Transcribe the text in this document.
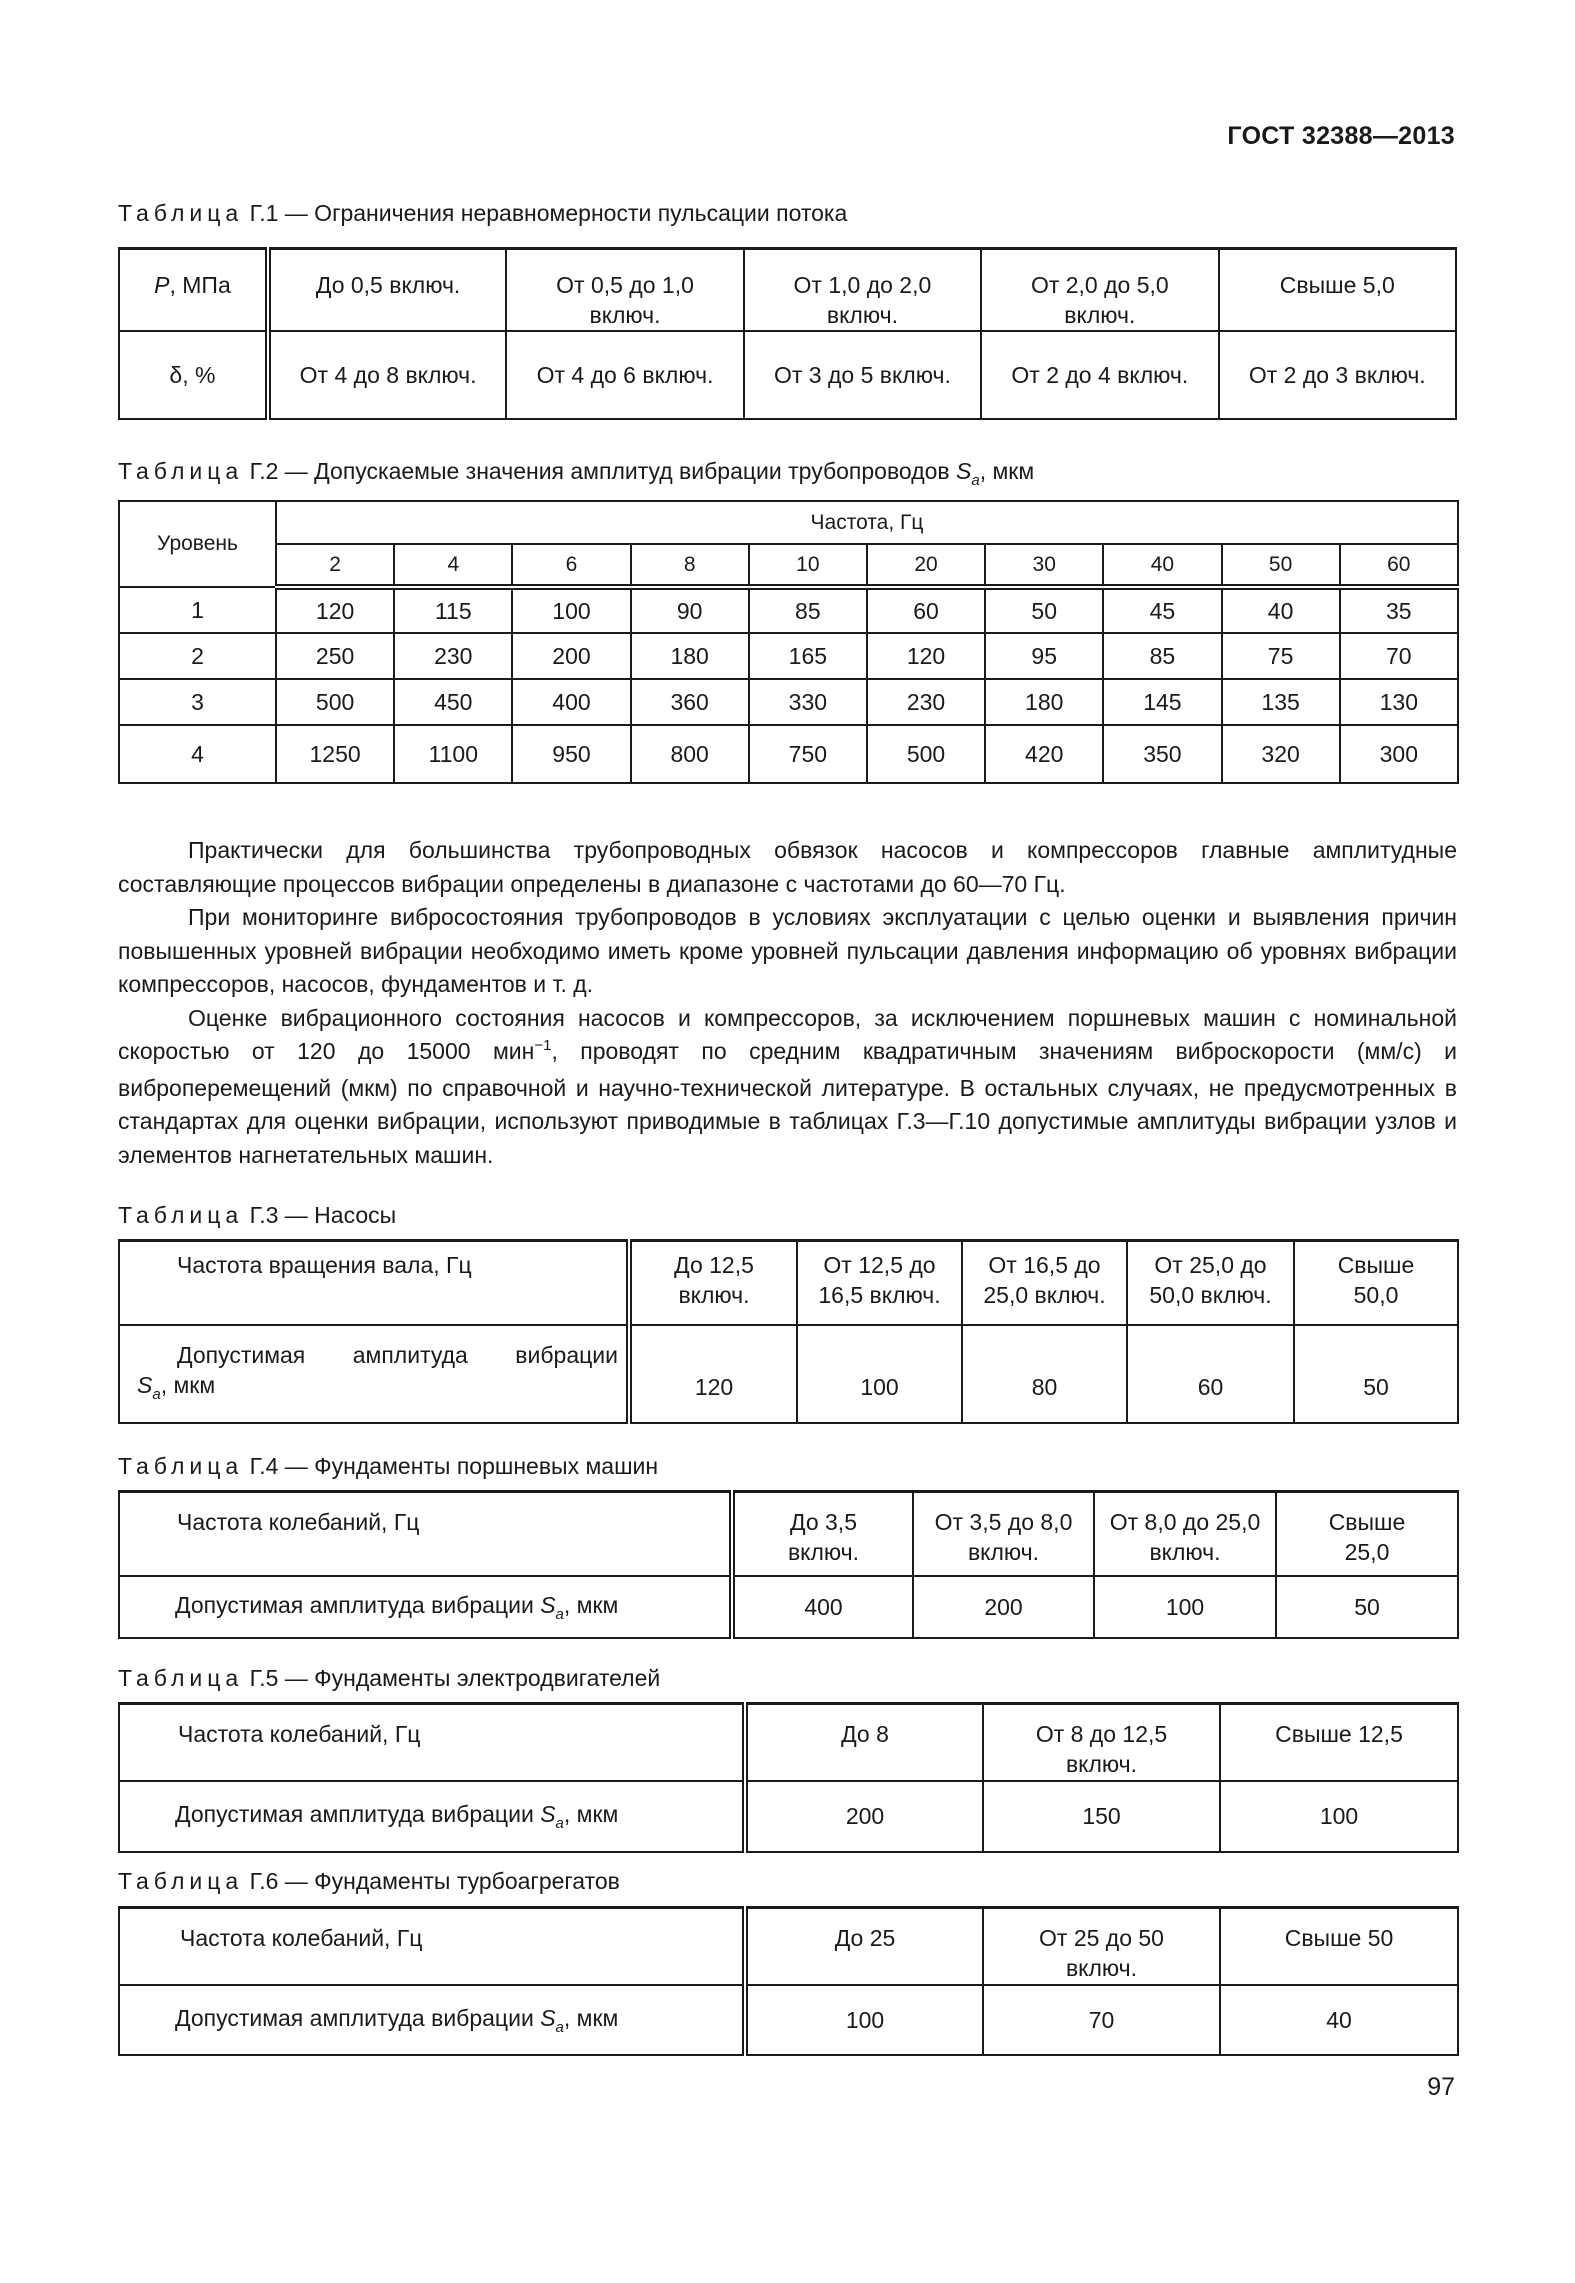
ГОСТ 32388—2013
Таблица Г.1 — Ограничения неравномерности пульсации потока
P, МПа	До 0,5 включ.	От 0,5 до 1,0 включ.	От 1,0 до 2,0 включ.	От 2,0 до 5,0 включ.	Свыше 5,0
δ, %	От 4 до 8 включ.	От 4 до 6 включ.	От 3 до 5 включ.	От 2 до 4 включ.	От 2 до 3 включ.
Таблица Г.2 — Допускаемые значения амплитуд вибрации трубопроводов $S_a$, мкм
Уровень	Частота, Гц									
	2	4	6	8	10	20	30	40	50	60
1	120	115	100	90	85	60	50	45	40	35
2	250	230	200	180	165	120	95	85	75	70
3	500	450	400	360	330	230	180	145	135	130
4	1250	1100	950	800	750	500	420	350	320	300

Практически для большинства трубопроводных обвязок насосов и компрессоров главные амплитудные составляющие процессов вибрации определены в диапазоне с частотами до 60—70 Гц.

При мониторинге вибросостояния трубопроводов в условиях эксплуатации с целью оценки и выявления причин повышенных уровней вибрации необходимо иметь кроме уровней пульсации давления информацию об уровнях вибрации компрессоров, насосов, фундаментов и т. д.

Оценке вибрационного состояния насосов и компрессоров, за исключением поршневых машин с номинальной скоростью от 120 до 15000 мин$^{-1}$, проводят по средним квадратичным значениям виброскорости (мм/с) и виброперемещений (мкм) по справочной и научно-технической литературе. В остальных случаях, не предусмотренных в стандартах для оценки вибрации, используют приводимые в таблицах Г.3—Г.10 допустимые амплитуды вибрации узлов и элементов нагнетательных машин.

Таблица Г.3 — Насосы
Частота вращения вала, Гц	До 12,5 включ.	От 12,5 до 16,5 включ.	От 16,5 до 25,0 включ.	От 25,0 до 50,0 включ.	Свыше 50,0

Допустимая амплитуда вибрации
$S_a$, мкм	120	100	80	60	50
Таблица Г.4 — Фундаменты поршневых машин
Частота колебаний, Гц	До 3,5 включ.	От 3,5 до 8,0 включ.	От 8,0 до 25,0 включ.	Свыше 25,0
Допустимая амплитуда вибрации $S_a$, мкм	400	200	100	50
Таблица Г.5 — Фундаменты электродвигателей
Частота колебаний, Гц	До 8	От 8 до 12,5 включ.	Свыше 12,5
Допустимая амплитуда вибрации $S_a$, мкм	200	150	100
Таблица Г.6 — Фундаменты турбоагрегатов
Частота колебаний, Гц	До 25	От 25 до 50 включ.	Свыше 50
Допустимая амплитуда вибрации $S_a$, мкм	100	70	40
97
